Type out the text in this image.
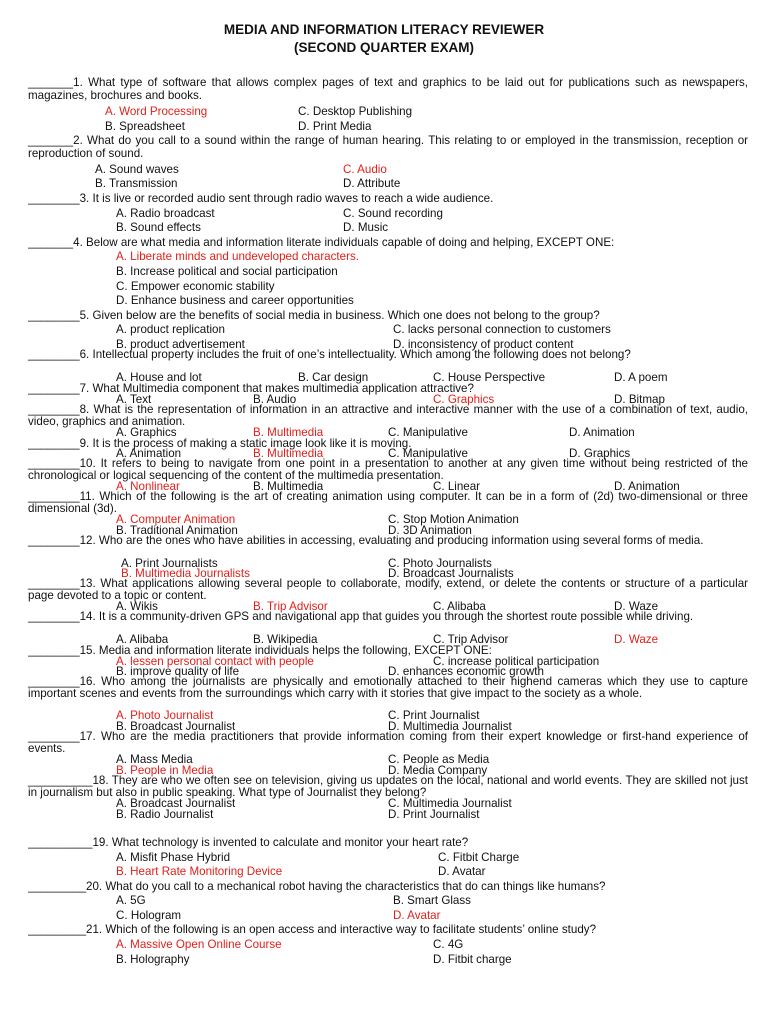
MEDIA AND INFORMATION LITERACY REVIEWER
(SECOND QUARTER EXAM)
_______1. What type of software that allows complex pages of text and graphics to be laid out for publications such as newspapers, magazines, brochures and books.
A. Word Processing	C. Desktop Publishing
B. Spreadsheet	D. Print Media
_______2. What do you call to a sound within the range of human hearing. This relating to or employed in the transmission, reception or reproduction of sound.
A. Sound waves	C. Audio
B. Transmission	D. Attribute
________3. It is live or recorded audio sent through radio waves to reach a wide audience.
A. Radio broadcast	C. Sound recording
B. Sound effects	D. Music
_______4. Below are what media and information literate individuals capable of doing and helping, EXCEPT ONE:
A. Liberate minds and undeveloped characters.
B. Increase political and social participation
C. Empower economic stability
D. Enhance business and career opportunities
________5. Given below are the benefits of social media in business. Which one does not belong to the group?
A. product replication	C. lacks personal connection to customers
B. product advertisement	D. inconsistency of product content
________6. Intellectual property includes the fruit of one’s intellectuality. Which among the following does not belong?
A. House and lot	B. Car design	C. House Perspective	D. A poem
________7. What Multimedia component that makes multimedia application attractive?
A. Text	B. Audio	C. Graphics	D. Bitmap
________8. What is the representation of information in an attractive and interactive manner with the use of a combination of text, audio, video, graphics and animation.
A. Graphics	B. Multimedia	C. Manipulative	D. Animation
________9. It is the process of making a static image look like it is moving.
A. Animation	B. Multimedia	C. Manipulative	D. Graphics
________10. It refers to being to navigate from one point in a presentation to another at any given time without being restricted of the chronological or logical sequencing of the content of the multimedia presentation.
A. Nonlinear	B. Multimedia	C. Linear	D. Animation
________11. Which of the following is the art of creating animation using computer. It can be in a form of (2d) two-dimensional or three dimensional (3d).
A. Computer Animation	C. Stop Motion Animation
B. Traditional Animation	D. 3D Animation
________12. Who are the ones who have abilities in accessing, evaluating and producing information using several forms of media.
A. Print Journalists	C. Photo Journalists
B. Multimedia Journalists	D. Broadcast Journalists
________13. What applications allowing several people to collaborate, modify, extend, or delete the contents or structure of a particular page devoted to a topic or content.
A. Wikis	B. Trip Advisor	C. Alibaba	D. Waze
________14. It is a community-driven GPS and navigational app that guides you through the shortest route possible while driving.
A. Alibaba	B. Wikipedia	C. Trip Advisor	D. Waze
________15. Media and information literate individuals helps the following, EXCEPT ONE:
A. lessen personal contact with people	C. increase political participation
B. improve quality of life	D. enhances economic growth
________16. Who among the journalists are physically and emotionally attached to their highend cameras which they use to capture important scenes and events from the surroundings which carry with it stories that give impact to the society as a whole.
A. Photo Journalist	C. Print Journalist
B. Broadcast Journalist	D. Multimedia Journalist
________17. Who are the media practitioners that provide information coming from their expert knowledge or first-hand experience of events.
A. Mass Media	C. People as Media
B. People in Media	D. Media Company
__________18. They are who we often see on television, giving us updates on the local, national and world events. They are skilled not just in journalism but also in public speaking. What type of Journalist they belong?
A. Broadcast Journalist	C. Multimedia Journalist
B. Radio Journalist	D. Print Journalist
__________19. What technology is invented to calculate and monitor your heart rate?
A. Misfit Phase Hybrid	C. Fitbit Charge
B. Heart Rate Monitoring Device	D. Avatar
_________20. What do you call to a mechanical robot having the characteristics that do can things like humans?
A. 5G	B. Smart Glass
C. Hologram	D. Avatar
_________21. Which of the following is an open access and interactive way to facilitate students’ online study?
A. Massive Open Online Course	C. 4G
B. Holography	D. Fitbit charge
